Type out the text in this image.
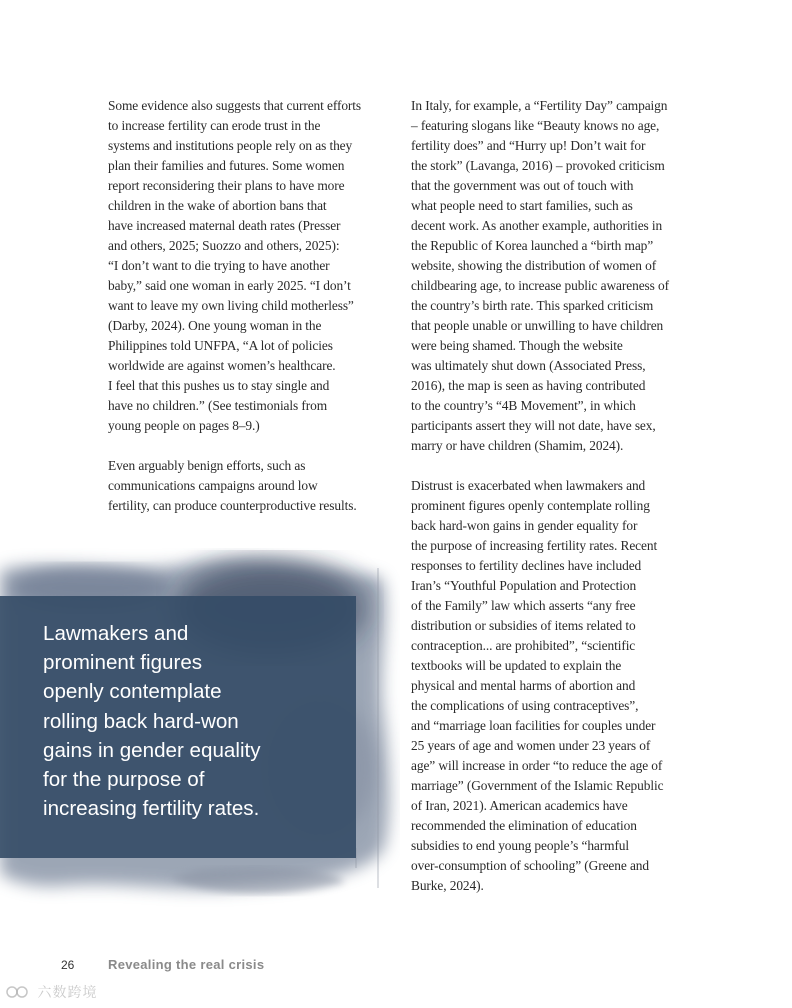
Some evidence also suggests that current efforts
to increase fertility can erode trust in the
systems and institutions people rely on as they
plan their families and futures. Some women
report reconsidering their plans to have more
children in the wake of abortion bans that
have increased maternal death rates (Presser
and others, 2025; Suozzo and others, 2025):
“I don’t want to die trying to have another
baby,” said one woman in early 2025. “I don’t
want to leave my own living child motherless”
(Darby, 2024). One young woman in the
Philippines told UNFPA, “A lot of policies
worldwide are against women’s healthcare.
I feel that this pushes us to stay single and
have no children.” (See testimonials from
young people on pages 8–9.)

Even arguably benign efforts, such as
communications campaigns around low
fertility, can produce counterproductive results.

In Italy, for example, a “Fertility Day” campaign
– featuring slogans like “Beauty knows no age,
fertility does” and “Hurry up! Don’t wait for
the stork” (Lavanga, 2016) – provoked criticism
that the government was out of touch with
what people need to start families, such as
decent work. As another example, authorities in
the Republic of Korea launched a “birth map”
website, showing the distribution of women of
childbearing age, to increase public awareness of
the country’s birth rate. This sparked criticism
that people unable or unwilling to have children
were being shamed. Though the website
was ultimately shut down (Associated Press,
2016), the map is seen as having contributed
to the country’s “4B Movement”, in which
participants assert they will not date, have sex,
marry or have children (Shamim, 2024).

Distrust is exacerbated when lawmakers and
prominent figures openly contemplate rolling
back hard-won gains in gender equality for
the purpose of increasing fertility rates. Recent
responses to fertility declines have included
Iran’s “Youthful Population and Protection
of the Family” law which asserts “any free
distribution or subsidies of items related to
contraception... are prohibited”, “scientific
textbooks will be updated to explain the
physical and mental harms of abortion and
the complications of using contraceptives”,
and “marriage loan facilities for couples under
25 years of age and women under 23 years of
age” will increase in order “to reduce the age of
marriage” (Government of the Islamic Republic
of Iran, 2021). American academics have
recommended the elimination of education
subsidies to end young people’s “harmful
over-consumption of schooling” (Greene and
Burke, 2024).

Lawmakers and
prominent figures
openly contemplate
rolling back hard-won
gains in gender equality
for the purpose of
increasing fertility rates.

26	Revealing the real crisis
六数跨境
